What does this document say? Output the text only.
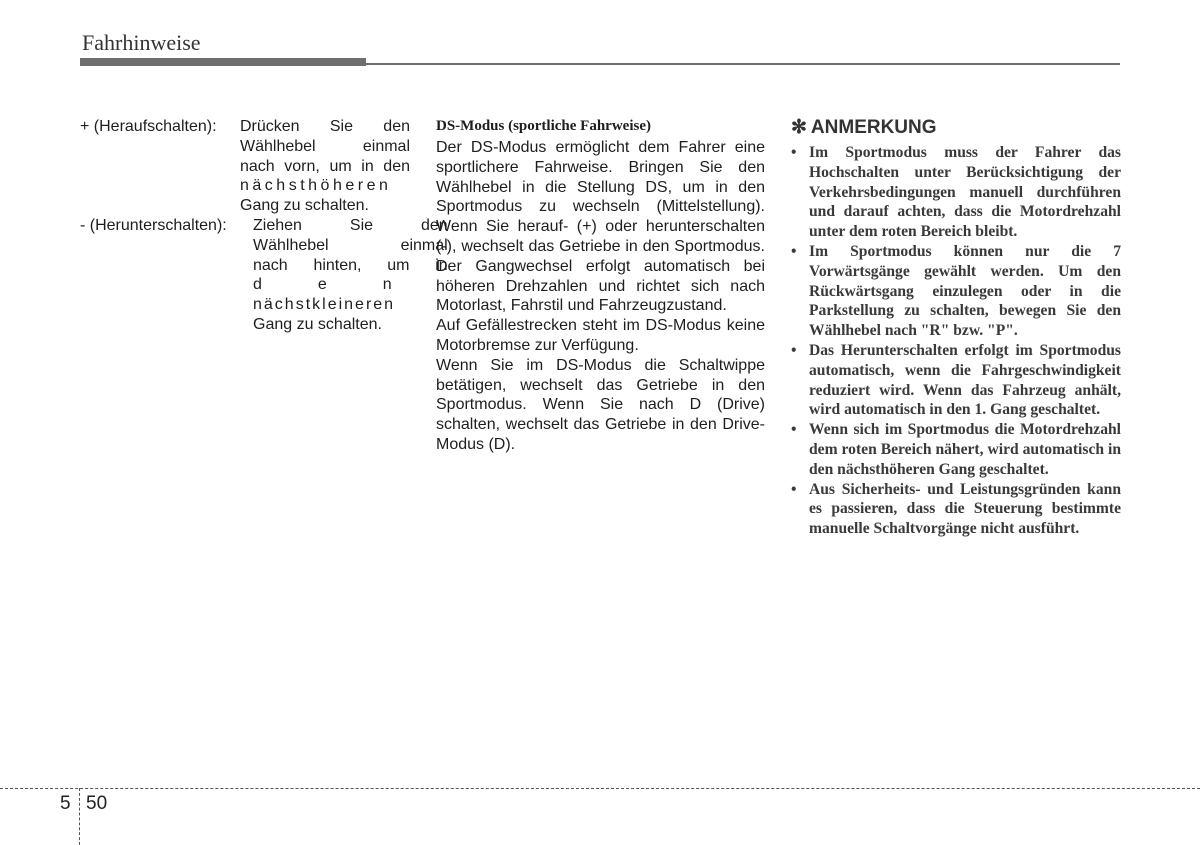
Fahrhinweise
+ (Heraufschalten):	Drücken Sie den
Wählhebel einmal
nach vorn, um in den
nächsthöheren
Gang zu schalten.
- (Herunterschalten):	Ziehen Sie den
Wählhebel einmal
nach hinten, um in
den
nächstkleineren
Gang zu schalten.
DS-Modus (sportliche Fahrweise)

Der DS-Modus ermöglicht dem Fahrer eine sportlichere Fahrweise. Bringen Sie den Wählhebel in die Stellung DS, um in den Sportmodus zu wechseln (Mittelstellung). Wenn Sie herauf- (+) oder herunterschalten (-), wechselt das Getriebe in den Sportmodus. Der Gangwechsel erfolgt automatisch bei höheren Drehzahlen und richtet sich nach Motorlast, Fahrstil und Fahrzeugzustand.

Auf Gefällestrecken steht im DS-Modus keine Motorbremse zur Verfügung.

Wenn Sie im DS-Modus die Schaltwippe betätigen, wechselt das Getriebe in den Sportmodus. Wenn Sie nach D (Drive) schalten, wechselt das Getriebe in den Drive-Modus (D).

✻ ANMERKUNG
• Im Sportmodus muss der Fahrer das Hochschalten unter Berücksichtigung der Verkehrsbedingungen manuell durchführen und darauf achten, dass die Motordrehzahl unter dem roten Bereich bleibt.
• Im Sportmodus können nur die 7 Vorwärtsgänge gewählt werden. Um den Rückwärtsgang einzulegen oder in die Parkstellung zu schalten, bewegen Sie den Wählhebel nach "R" bzw. "P".
• Das Herunterschalten erfolgt im Sportmodus automatisch, wenn die Fahrgeschwindigkeit reduziert wird. Wenn das Fahrzeug anhält, wird automatisch in den 1. Gang geschaltet.
• Wenn sich im Sportmodus die Motordrehzahl dem roten Bereich nähert, wird automatisch in den nächsthöheren Gang geschaltet.
• Aus Sicherheits- und Leistungsgründen kann es passieren, dass die Steuerung bestimmte manuelle Schaltvorgänge nicht ausführt.
5 50
